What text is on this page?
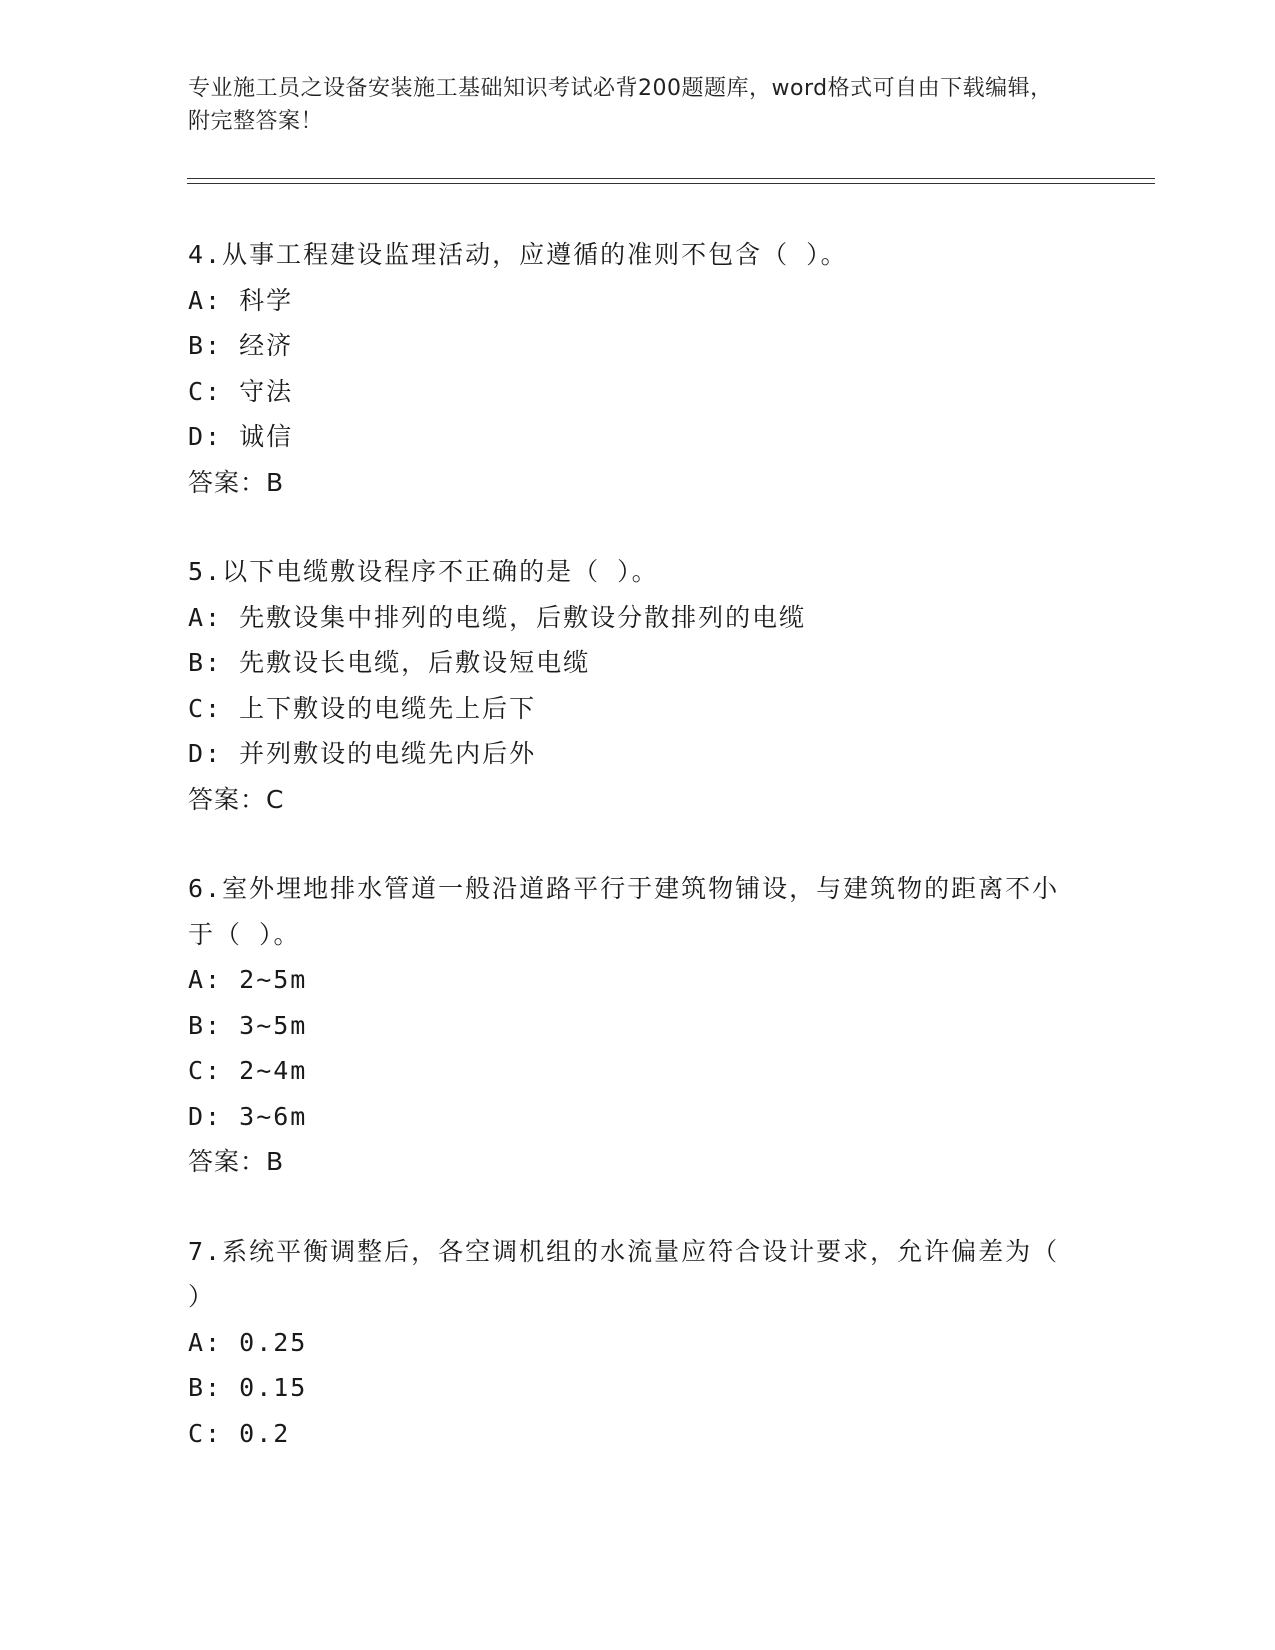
专业施工员之设备安装施工基础知识考试必背200题题库，word格式可自由下载编辑，附完整答案！
4.从事工程建设监理活动，应遵循的准则不包含（ ）。
A: 科学
B: 经济
C: 守法
D: 诚信
答案：B
5.以下电缆敷设程序不正确的是（ ）。
A: 先敷设集中排列的电缆，后敷设分散排列的电缆
B: 先敷设长电缆，后敷设短电缆
C: 上下敷设的电缆先上后下
D: 并列敷设的电缆先内后外
答案：C
6.室外埋地排水管道一般沿道路平行于建筑物铺设，与建筑物的距离不小于（ ）。
A: 2~5m
B: 3~5m
C: 2~4m
D: 3~6m
答案：B
7.系统平衡调整后，各空调机组的水流量应符合设计要求，允许偏差为（ ）
A: 0.25
B: 0.15
C: 0.2
